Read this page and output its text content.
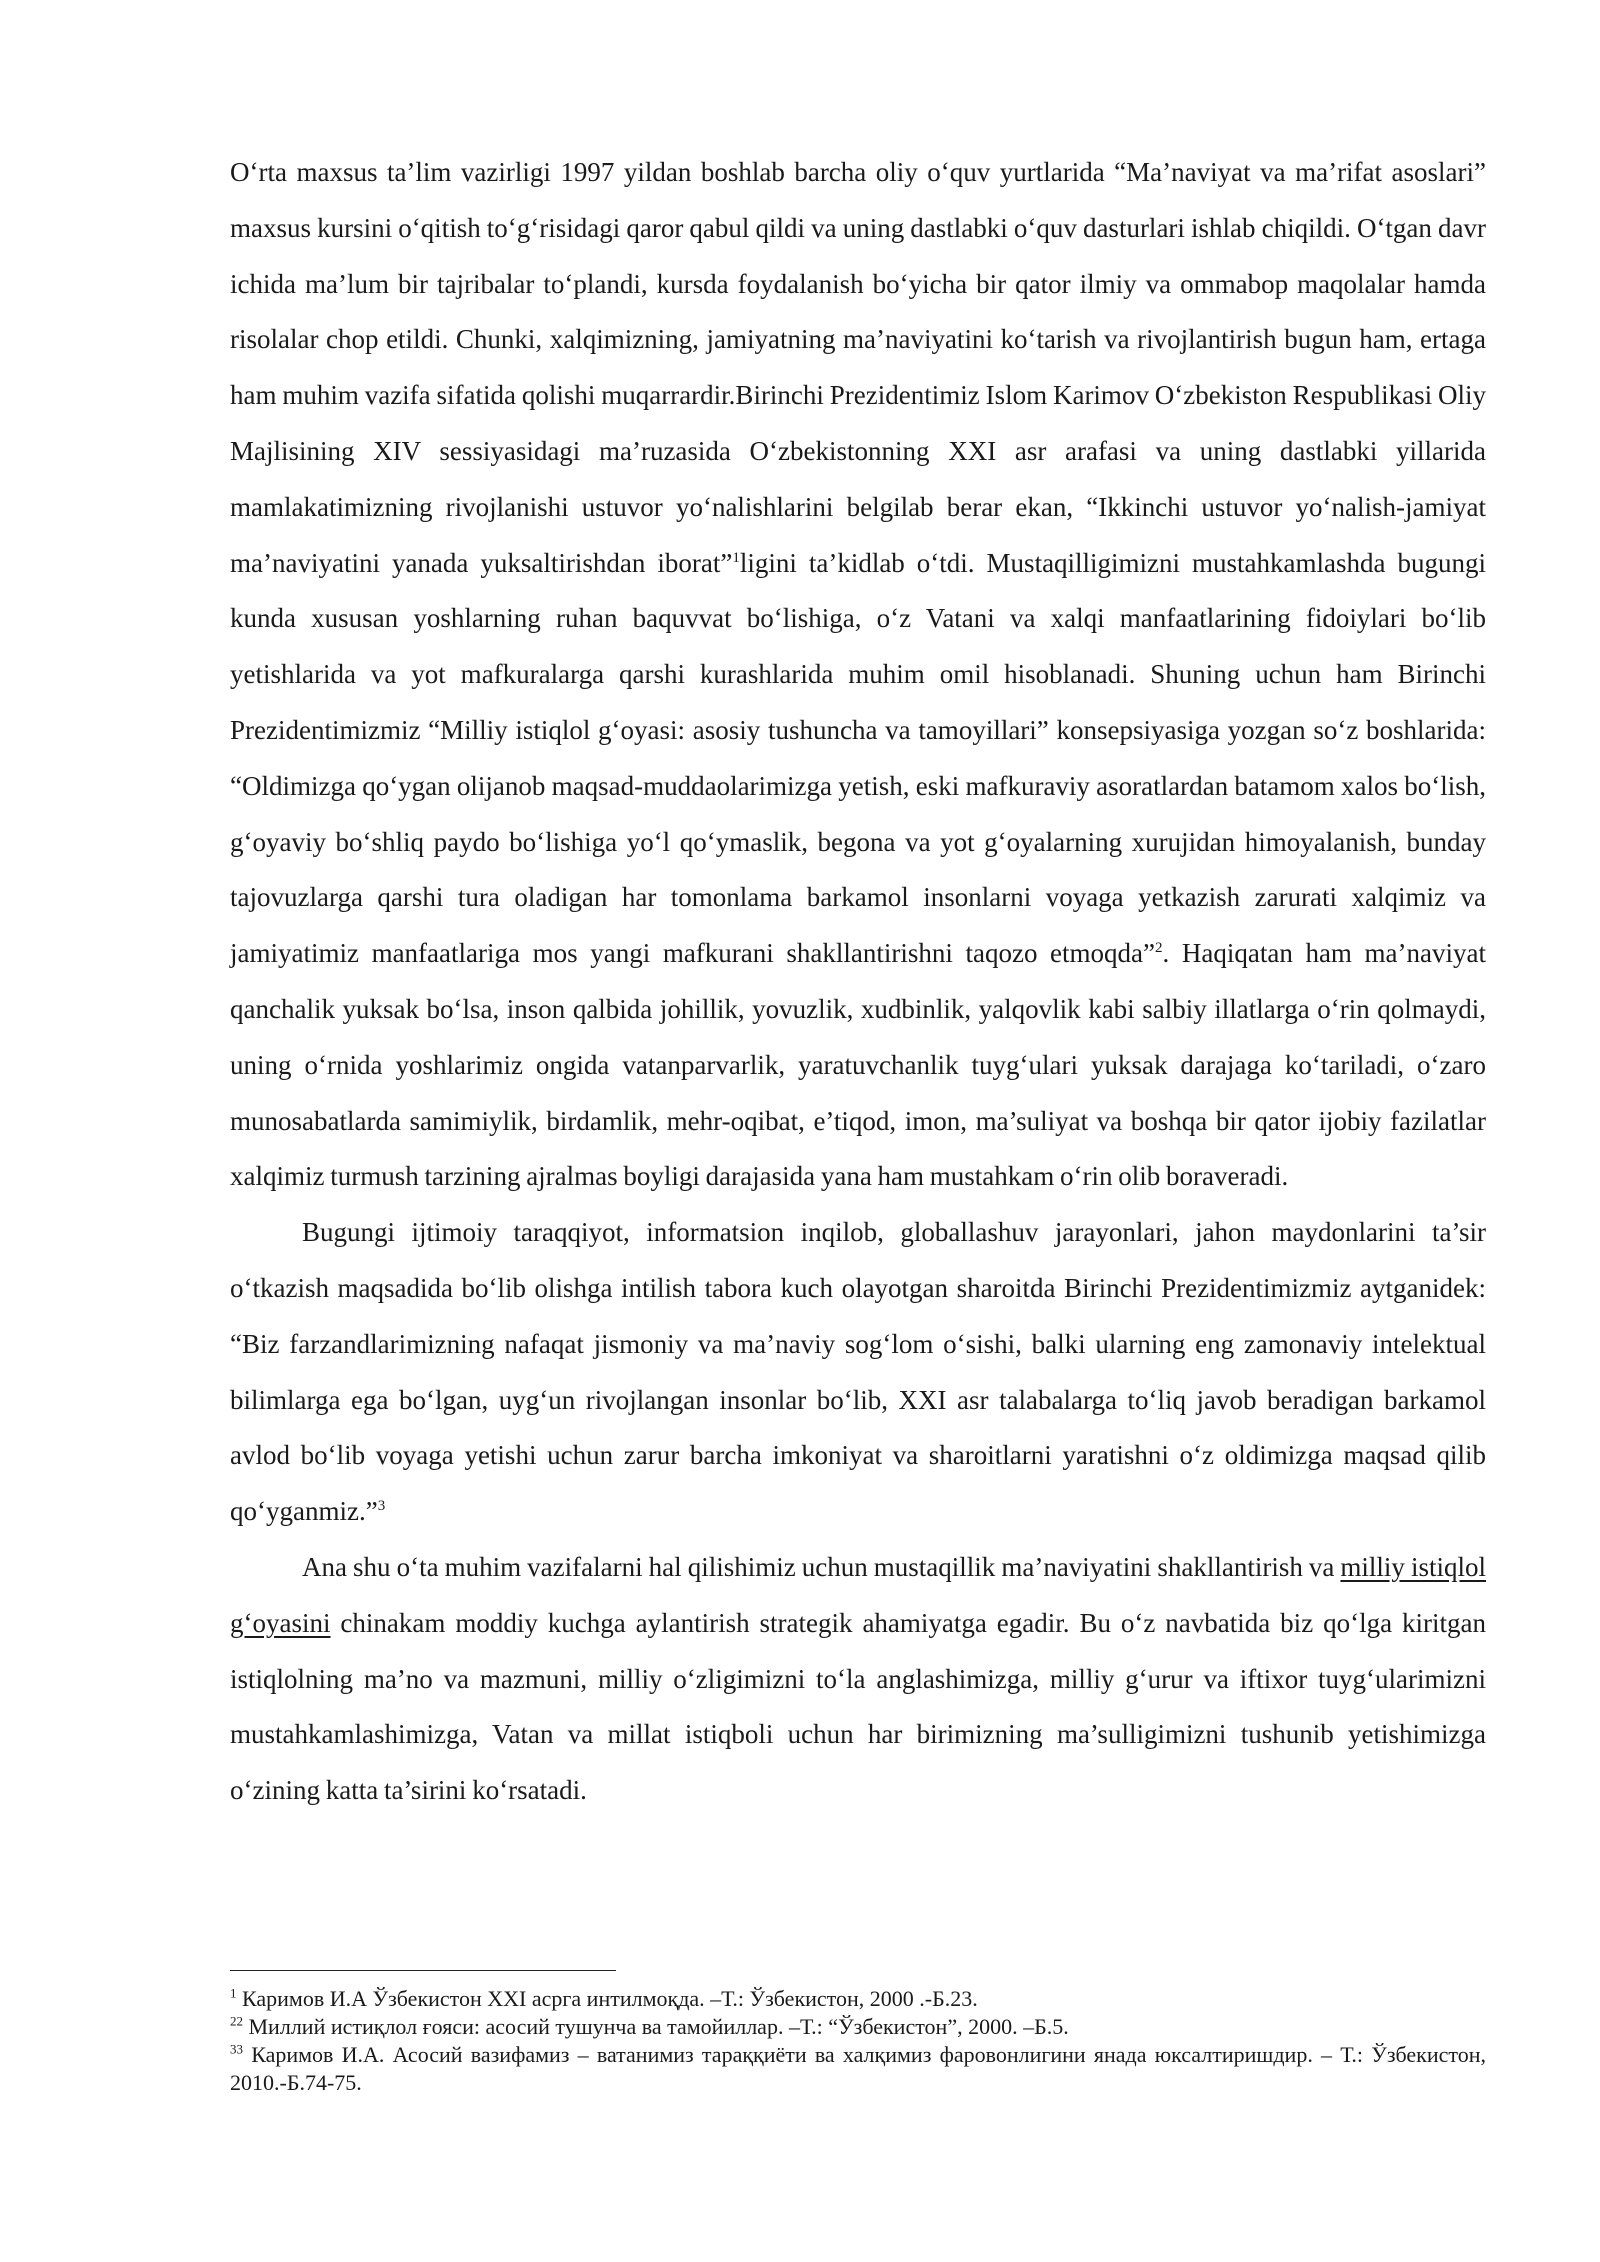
O‘rta maxsus ta’lim vazirligi 1997 yildan boshlab barcha oliy o‘quv yurtlarida “Ma’naviyat va ma’rifat asoslari” maxsus kursini o‘qitish to‘g‘risidagi qaror qabul qildi va uning dastlabki o‘quv dasturlari ishlab chiqildi. O‘tgan davr ichida ma’lum bir tajribalar to‘plandi, kursda foydalanish bo‘yicha bir qator ilmiy va ommabop maqolalar hamda risolalar chop etildi. Chunki, xalqimizning, jamiyatning ma’naviyatini ko‘tarish va rivojlantirish bugun ham, ertaga ham muhim vazifa sifatida qolishi muqarrardir.Birinchi Prezidentimiz Islom Karimov O‘zbekiston Respublikasi Oliy Majlisining XIV sessiyasidagi ma’ruzasida O‘zbekistonning XXI asr arafasi va uning dastlabki yillarida mamlakatimizning rivojlanishi ustuvor yo‘nalishlarini belgilab berar ekan, “Ikkinchi ustuvor yo‘nalish-jamiyat ma’naviyatini yanada yuksaltirishdan iborat”$^1$ligini ta’kidlab o‘tdi. Mustaqilligimizni mustahkamlashda bugungi kunda xususan yoshlarning ruhan baquvvat bo‘lishiga, o‘z Vatani va xalqi manfaatlarining fidoiylari bo‘lib yetishlarida va yot mafkuralarga qarshi kurashlarida muhim omil hisoblanadi. Shuning uchun ham Birinchi Prezidentimizmiz “Milliy istiqlol g‘oyasi: asosiy tushuncha va tamoyillari” konsepsiyasiga yozgan so‘z boshlarida: “Oldimizga qo‘ygan olijanob maqsad-muddaolarimizga yetish, eski mafkuraviy asoratlardan batamom xalos bo‘lish, g‘oyaviy bo‘shliq paydo bo‘lishiga yo‘l qo‘ymaslik, begona va yot g‘oyalarning xurujidan himoyalanish, bunday tajovuzlarga qarshi tura oladigan har tomonlama barkamol insonlarni voyaga yetkazish zarurati xalqimiz va jamiyatimiz manfaatlariga mos yangi mafkurani shakllantirishni taqozo etmoqda”$^2$. Haqiqatan ham ma’naviyat qanchalik yuksak bo‘lsa, inson qalbida johillik, yovuzlik, xudbinlik, yalqovlik kabi salbiy illatlarga o‘rin qolmaydi, uning o‘rnida yoshlarimiz ongida vatanparvarlik, yaratuvchanlik tuyg‘ulari yuksak darajaga ko‘tariladi, o‘zaro munosabatlarda samimiylik, birdamlik, mehr-oqibat, e’tiqod, imon, ma’suliyat va boshqa bir qator ijobiy fazilatlar xalqimiz turmush tarzining ajralmas boyligi darajasida yana ham mustahkam o‘rin olib boraveradi.

Bugungi ijtimoiy taraqqiyot, informatsion inqilob, globallashuv jarayonlari, jahon maydonlarini ta’sir o‘tkazish maqsadida bo‘lib olishga intilish tabora kuch olayotgan sharoitda Birinchi Prezidentimizmiz aytganidek: “Biz farzandlarimizning nafaqat jismoniy va ma’naviy sog‘lom o‘sishi, balki ularning eng zamonaviy intelektual bilimlarga ega bo‘lgan, uyg‘un rivojlangan insonlar bo‘lib, XXI asr talabalarga to‘liq javob beradigan barkamol avlod bo‘lib voyaga yetishi uchun zarur barcha imkoniyat va sharoitlarni yaratishni o‘z oldimizga maqsad qilib qo‘yganmiz.”$^3$

Ana shu o‘ta muhim vazifalarni hal qilishimiz uchun mustaqillik ma’naviyatini shakllantirish va milliy istiqlol g‘oyasini chinakam moddiy kuchga aylantirish strategik ahamiyatga egadir. Bu o‘z navbatida biz qo‘lga kiritgan istiqlolning ma’no va mazmuni, milliy o‘zligimizni to‘la anglashimizga, milliy g‘urur va iftixor tuyg‘ularimizni mustahkamlashimizga, Vatan va millat istiqboli uchun har birimizning ma’sulligimizni tushunib yetishimizga o‘zining katta ta’sirini ko‘rsatadi.

$^1$ Каримов И.А Ўзбекистон XXI асрга интилмоқда. –Т.: Ўзбекистон, 2000 .-Б.23.

$^{22}$ Миллий истиқлол ғояси: асосий тушунча ва тамойиллар. –Т.: “Ўзбекистон”, 2000. –Б.5.

$^{33}$ Каримов И.А. Асосий вазифамиз – ватанимиз тараққиёти ва халқимиз фаровонлигини янада юксалтиришдир. – Т.: Ўзбекистон, 2010.-Б.74-75.
